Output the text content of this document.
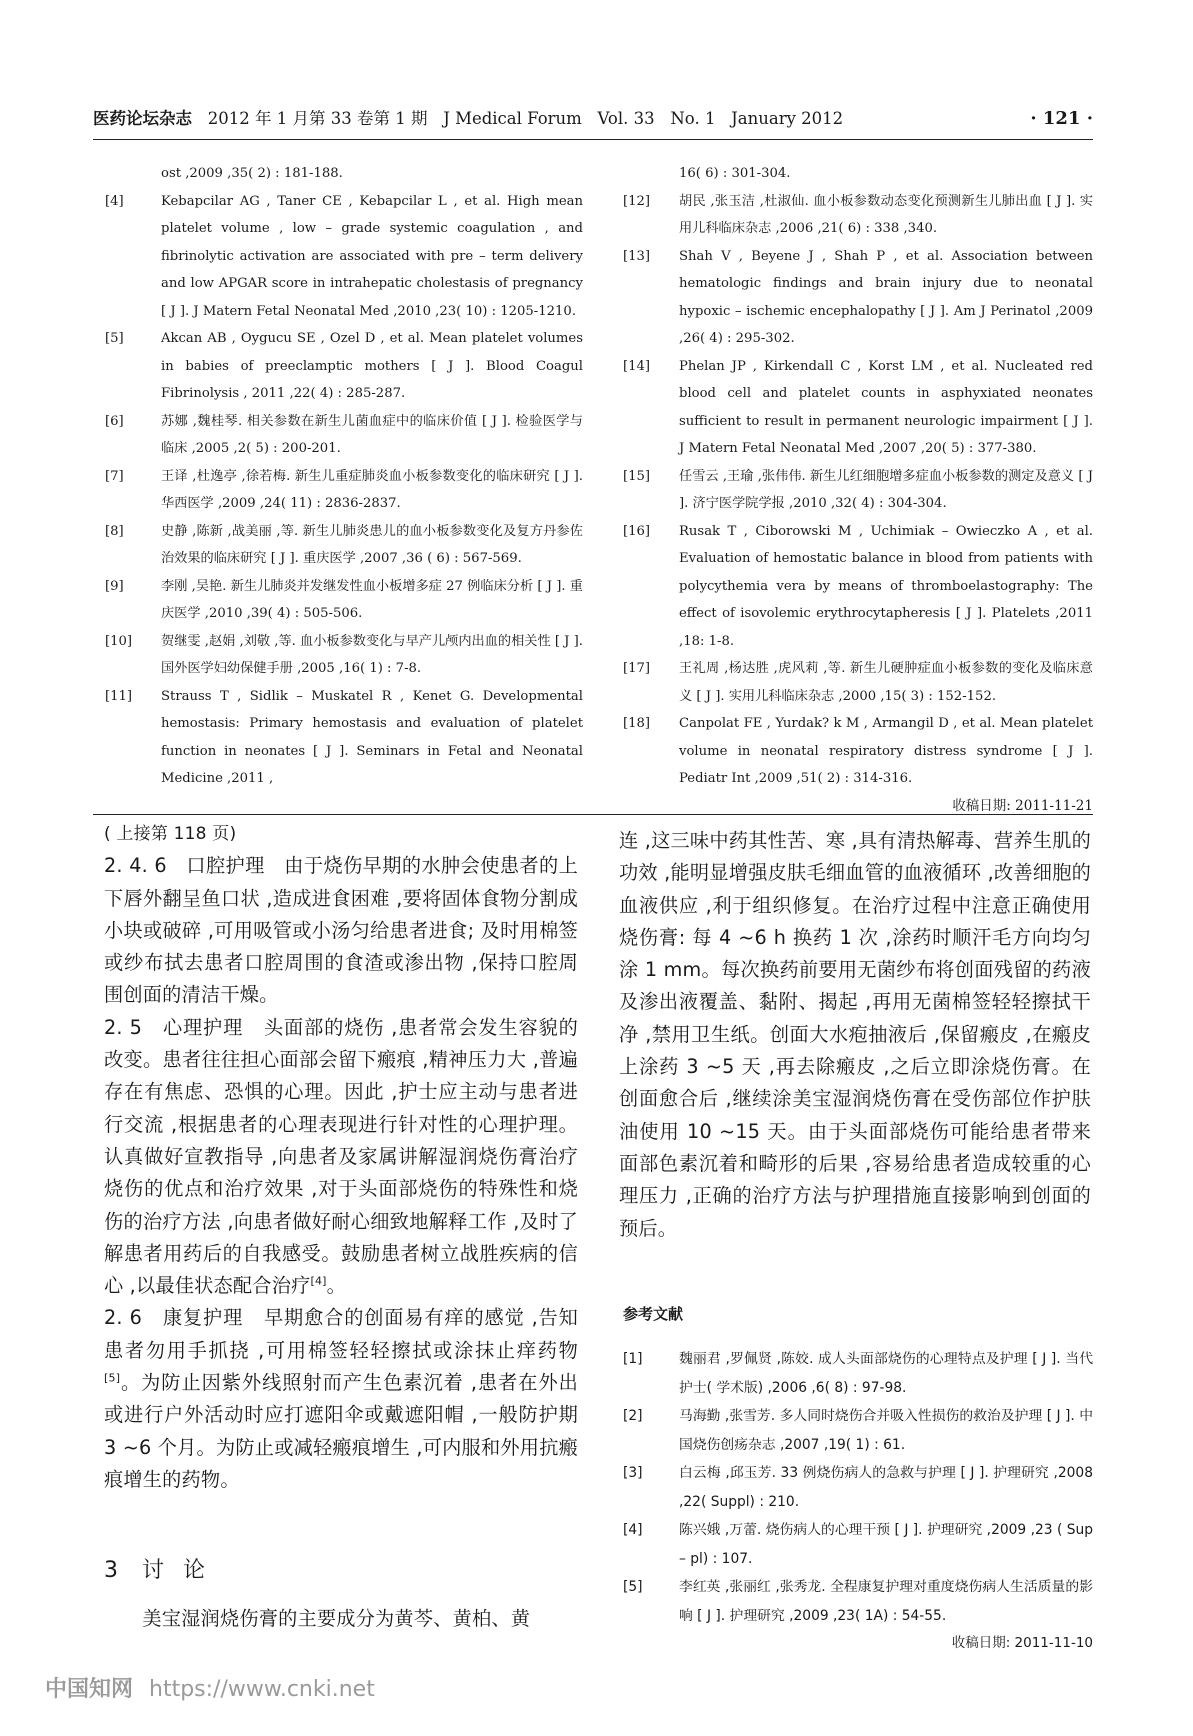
医药论坛杂志 2012 年 1 月第 33 卷第 1 期 J Medical Forum   Vol. 33   No. 1   January 2012	· 121 ·
ost ,2009 ,35( 2) : 181-188.
[4]	Kebapcilar AG , Taner CE , Kebapcilar L , et al. High mean platelet volume , low – grade systemic coagulation , and fibrinolytic activation are associated with pre – term delivery and low APGAR score in intrahepatic cholestasis of pregnancy [ J ]. J Matern Fetal Neonatal Med ,2010 ,23( 10) : 1205-1210.
[5]	Akcan AB , Oygucu SE , Ozel D , et al. Mean platelet volumes in babies of preeclamptic mothers [ J ]. Blood Coagul Fibrinolysis , 2011 ,22( 4) : 285-287.
[6]	苏娜 ,魏桂琴. 相关参数在新生儿菌血症中的临床价值 [ J ]. 检验医学与临床 ,2005 ,2( 5) : 200-201.
[7]	王译 ,杜逸亭 ,徐若梅. 新生儿重症肺炎血小板参数变化的临床研究 [ J ]. 华西医学 ,2009 ,24( 11) : 2836-2837.
[8]	史静 ,陈新 ,战美丽 ,等. 新生儿肺炎患儿的血小板参数变化及复方丹参佐治效果的临床研究 [ J ]. 重庆医学 ,2007 ,36 ( 6) : 567-569.
[9]	李刚 ,吴艳. 新生儿肺炎并发继发性血小板增多症 27 例临床分析 [ J ]. 重庆医学 ,2010 ,39( 4) : 505-506.
[10] 贺继雯 ,赵娟 ,刘敬 ,等. 血小板参数变化与早产儿颅内出血的相关性 [ J ]. 国外医学妇幼保健手册 ,2005 ,16( 1) : 7-8.
[11] Strauss T , Sidlik – Muskatel R , Kenet G. Developmental hemostasis: Primary hemostasis and evaluation of platelet function in neonates [ J ]. Seminars in Fetal and Neonatal Medicine ,2011 ,
16( 6) : 301-304.
[12] 胡民 ,张玉洁 ,杜淑仙. 血小板参数动态变化预测新生儿肺出血 [ J ]. 实用儿科临床杂志 ,2006 ,21( 6) : 338 ,340.
[13] Shah V , Beyene J , Shah P , et al. Association between hematologic findings and brain injury due to neonatal hypoxic – ischemic encephalopathy [ J ]. Am J Perinatol ,2009 ,26( 4) : 295-302.
[14] Phelan JP , Kirkendall C , Korst LM , et al. Nucleated red blood cell and platelet counts in asphyxiated neonates sufficient to result in permanent neurologic impairment [ J ]. J Matern Fetal Neonatal Med ,2007 ,20( 5) : 377-380.
[15] 任雪云 ,王瑜 ,张伟伟. 新生儿红细胞增多症血小板参数的测定及意义 [ J ]. 济宁医学院学报 ,2010 ,32( 4) : 304-304.
[16] Rusak T , Ciborowski M , Uchimiak – Owieczko A , et al. Evaluation of hemostatic balance in blood from patients with polycythemia vera by means of thromboelastography: The effect of isovolemic erythrocytapheresis [ J ]. Platelets ,2011 ,18: 1-8.
[17] 王礼周 ,杨达胜 ,虎风莉 ,等. 新生儿硬肿症血小板参数的变化及临床意义 [ J ]. 实用儿科临床杂志 ,2000 ,15( 3) : 152-152.
[18] Canpolat FE , Yurdak? k M , Armangil D , et al. Mean platelet volume in neonatal respiratory distress syndrome [ J ]. Pediatr Int ,2009 ,51( 2) : 314-316.
收稿日期: 2011-11-21

( 上接第 118 页)

2. 4. 6   口腔护理 由于烧伤早期的水肿会使患者的上下唇外翻呈鱼口状 ,造成进食困难 ,要将固体食物分割成小块或破碎 ,可用吸管或小汤匀给患者进食; 及时用棉签或纱布拭去患者口腔周围的食渣或渗出物 ,保持口腔周围创面的清洁干燥。

2. 5   心理护理 头面部的烧伤 ,患者常会发生容貌的改变。患者往往担心面部会留下瘢痕 ,精神压力大 ,普遍存在有焦虑、恐惧的心理。因此 ,护士应主动与患者进行交流 ,根据患者的心理表现进行针对性的心理护理。认真做好宣教指导 ,向患者及家属讲解湿润烧伤膏治疗烧伤的优点和治疗效果 ,对于头面部烧伤的特殊性和烧伤的治疗方法 ,向患者做好耐心细致地解释工作 ,及时了解患者用药后的自我感受。鼓励患者树立战胜疾病的信心 ,以最佳状态配合治疗[4]。

2. 6   康复护理 早期愈合的创面易有痒的感觉 ,告知患者勿用手抓挠 ,可用棉签轻轻擦拭或涂抹止痒药物[5]。为防止因紫外线照射而产生色素沉着 ,患者在外出或进行户外活动时应打遮阳伞或戴遮阳帽 ,一般防护期 3 ~6 个月。为防止或减轻瘢痕增生 ,可内服和外用抗瘢痕增生的药物。

3 讨 论

美宝湿润烧伤膏的主要成分为黄芩、黄柏、黄

连 ,这三味中药其性苦、寒 ,具有清热解毒、营养生肌的功效 ,能明显增强皮肤毛细血管的血液循环 ,改善细胞的血液供应 ,利于组织修复。在治疗过程中注意正确使用烧伤膏: 每 4 ~6 h 换药 1 次 ,涂药时顺汗毛方向均匀涂 1 mm。每次换药前要用无菌纱布将创面残留的药液及渗出液覆盖、黏附、揭起 ,再用无菌棉签轻轻擦拭干净 ,禁用卫生纸。创面大水疱抽液后 ,保留瘢皮 ,在瘢皮上涂药 3 ~5 天 ,再去除瘢皮 ,之后立即涂烧伤膏。在创面愈合后 ,继续涂美宝湿润烧伤膏在受伤部位作护肤油使用 10 ~15 天。由于头面部烧伤可能给患者带来面部色素沉着和畸形的后果 ,容易给患者造成较重的心理压力 ,正确的治疗方法与护理措施直接影响到创面的预后。

参考文献
[1]	魏丽君 ,罗佩贤 ,陈姣. 成人头面部烧伤的心理特点及护理 [ J ]. 当代护士( 学术版) ,2006 ,6( 8) : 97-98.
[2]	马海勤 ,张雪芳. 多人同时烧伤合并吸入性损伤的救治及护理 [ J ]. 中国烧伤创疡杂志 ,2007 ,19( 1) : 61.
[3]	白云梅 ,邱玉芳. 33 例烧伤病人的急救与护理 [ J ]. 护理研究 ,2008 ,22( Suppl) : 210.
[4]	陈兴娥 ,万蕾. 烧伤病人的心理干预 [ J ]. 护理研究 ,2009 ,23 ( Sup – pl) : 107.
[5]	李红英 ,张丽红 ,张秀龙. 全程康复护理对重度烧伤病人生活质量的影响 [ J ]. 护理研究 ,2009 ,23( 1A) : 54-55.
收稿日期: 2011-11-10
中国知网 https://www.cnki.net
